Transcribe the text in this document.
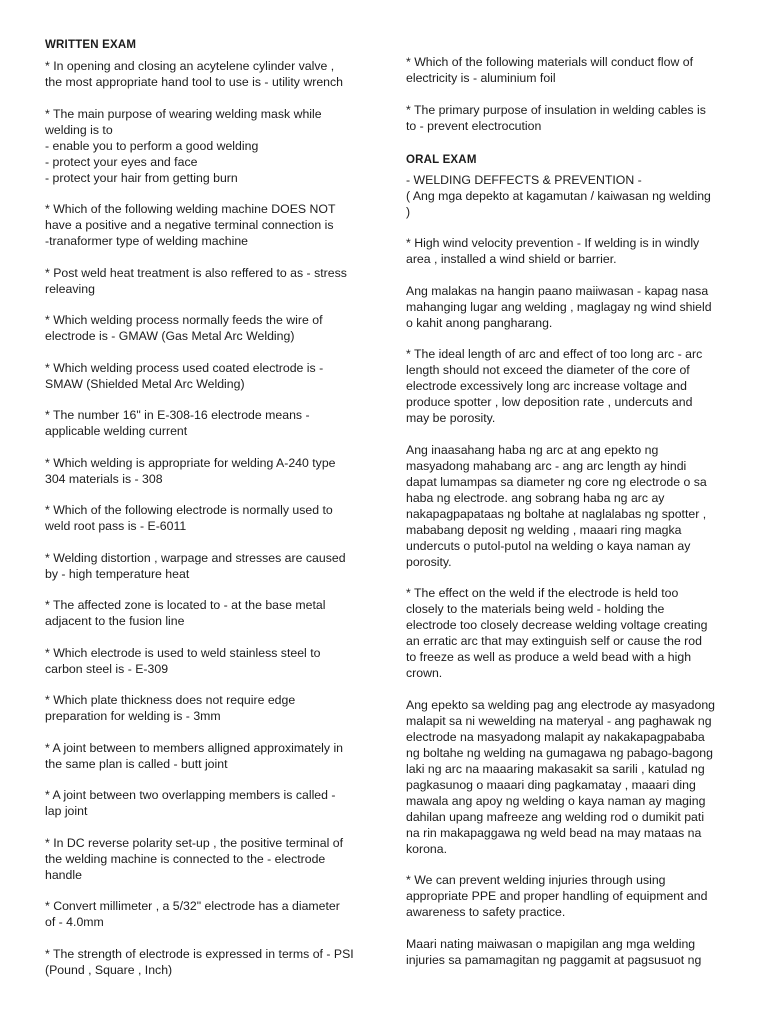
WRITTEN EXAM

* In opening and closing an acytelene cylinder valve ,
the most appropriate hand tool to use is - utility wrench

* The main purpose of wearing welding mask while
welding is to
- enable you to perform a good welding
- protect your eyes and face
- protect your hair from getting burn

* Which of the following welding machine DOES NOT
have a positive and a negative terminal connection is
-tranaformer type of welding machine

* Post weld heat treatment is also reffered to as - stress
releaving

* Which welding process normally feeds the wire of
electrode is - GMAW (Gas Metal Arc Welding)

* Which welding process used coated electrode is -
SMAW (Shielded Metal Arc Welding)

* The number 16" in E-308-16 electrode means -
applicable welding current

* Which welding is appropriate for welding A-240 type
304 materials is - 308

* Which of the following electrode is normally used to
weld root pass is - E-6011

* Welding distortion , warpage and stresses are caused
by - high temperature heat

* The affected zone is located to - at the base metal
adjacent to the fusion line

* Which electrode is used to weld stainless steel to
carbon steel is - E-309

* Which plate thickness does not require edge
preparation for welding is - 3mm

* A joint between to members alligned approximately in
the same plan is called - butt joint

* A joint between two overlapping members is called -
lap joint

* In DC reverse polarity set-up , the positive terminal of
the welding machine is connected to the - electrode
handle

* Convert millimeter , a 5/32" electrode has a diameter
of - 4.0mm

* The strength of electrode is expressed in terms of - PSI
(Pound , Square , Inch)

* Which of the following materials will conduct flow of
electricity is - aluminium foil

* The primary purpose of insulation in welding cables is
to - prevent electrocution

ORAL EXAM

- WELDING DEFFECTS & PREVENTION -
( Ang mga depekto at kagamutan / kaiwasan ng welding
)

* High wind velocity prevention - If welding is in windly
area , installed a wind shield or barrier.

Ang malakas na hangin paano maiiwasan - kapag nasa
mahanging lugar ang welding , maglagay ng wind shield
o kahit anong pangharang.

* The ideal length of arc and effect of too long arc - arc
length should not exceed the diameter of the core of
electrode excessively long arc increase voltage and
produce spotter , low deposition rate , undercuts and
may be porosity.

Ang inaasahang haba ng arc at ang epekto ng
masyadong mahabang arc - ang arc length ay hindi
dapat lumampas sa diameter ng core ng electrode o sa
haba ng electrode. ang sobrang haba ng arc ay
nakapagpapataas ng boltahe at naglalabas ng spotter ,
mababang deposit ng welding , maaari ring magka
undercuts o putol-putol na welding o kaya naman ay
porosity.

* The effect on the weld if the electrode is held too
closely to the materials being weld - holding the
electrode too closely decrease welding voltage creating
an erratic arc that may extinguish self or cause the rod
to freeze as well as produce a weld bead with a high
crown.

Ang epekto sa welding pag ang electrode ay masyadong
malapit sa ni wewelding na materyal - ang paghawak ng
electrode na masyadong malapit ay nakakapagpababa
ng boltahe ng welding na gumagawa ng pabago-bagong
laki ng arc na maaaring makasakit sa sarili , katulad ng
pagkasunog o maaari ding pagkamatay , maaari ding
mawala ang apoy ng welding o kaya naman ay maging
dahilan upang mafreeze ang welding rod o dumikit pati
na rin makapaggawa ng weld bead na may mataas na
korona.

* We can prevent welding injuries through using
appropriate PPE and proper handling of equipment and
awareness to safety practice.

Maari nating maiwasan o mapigilan ang mga welding
injuries sa pamamagitan ng paggamit at pagsusuot ng
